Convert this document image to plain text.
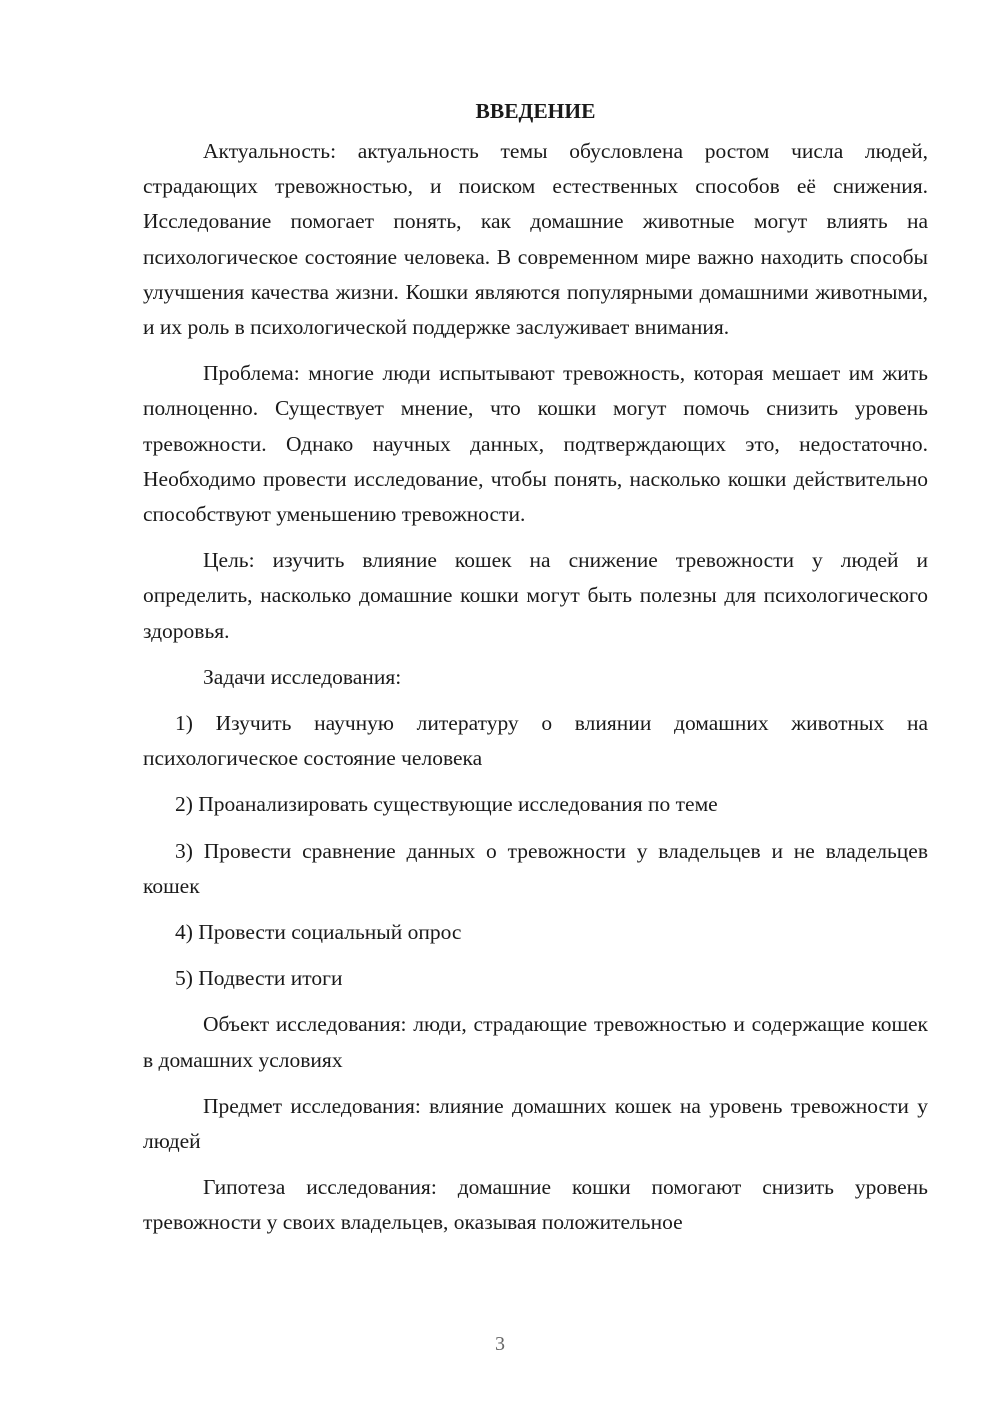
ВВЕДЕНИЕ

Актуальность: актуальность темы обусловлена ростом числа людей, страдающих тревожностью, и поиском естественных способов её снижения. Исследование помогает понять, как домашние животные могут влиять на психологическое состояние человека. В современном мире важно находить способы улучшения качества жизни. Кошки являются популярными домашними животными, и их роль в психологической поддержке заслуживает внимания.

Проблема: многие люди испытывают тревожность, которая мешает им жить полноценно. Существует мнение, что кошки могут помочь снизить уровень тревожности. Однако научных данных, подтверждающих это, недостаточно. Необходимо провести исследование, чтобы понять, насколько кошки действительно способствуют уменьшению тревожности.

Цель: изучить влияние кошек на снижение тревожности у людей и определить, насколько домашние кошки могут быть полезны для психологического здоровья.

Задачи исследования:

1) Изучить научную литературу о влиянии домашних животных на психологическое состояние человека

2) Проанализировать существующие исследования по теме

3) Провести сравнение данных о тревожности у владельцев и не владельцев кошек

4) Провести социальный опрос

5) Подвести итоги

Объект исследования: люди, страдающие тревожностью и содержащие кошек в домашних условиях

Предмет исследования: влияние домашних кошек на уровень тревожности у людей

Гипотеза исследования: домашние кошки помогают снизить уровень тревожности у своих владельцев, оказывая положительное

3
